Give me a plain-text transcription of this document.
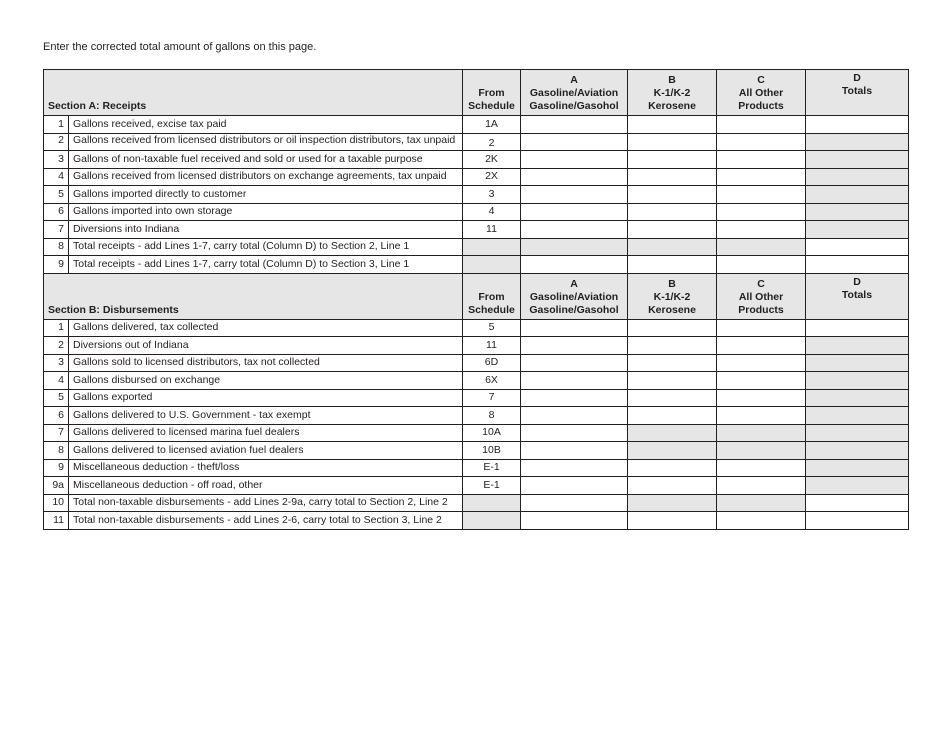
Enter the corrected total amount of gallons on this page.
Section A: Receipts		From
Schedule	A
Gasoline/Aviation
Gasoline/Gasohol	B
K-1/K-2
Kerosene	C
All Other
Products	D
Totals
1	Gallons received, excise tax paid	1A				
2	Gallons received from licensed distributors or oil inspection distributors, tax unpaid	2				
3	Gallons of non-taxable fuel received and sold or used for a taxable purpose	2K				
4	Gallons received from licensed distributors on exchange agreements, tax unpaid	2X				
5	Gallons imported directly to customer	3				
6	Gallons imported into own storage	4				
7	Diversions into Indiana	11				
8	Total receipts - add Lines 1-7, carry total (Column D) to Section 2, Line 1					
9	Total receipts - add Lines 1-7, carry total (Column D) to Section 3, Line 1					
Section B: Disbursements		From
Schedule	A
Gasoline/Aviation
Gasoline/Gasohol	B
K-1/K-2
Kerosene	C
All Other
Products	D
Totals
1	Gallons delivered, tax collected	5				
2	Diversions out of Indiana	11				
3	Gallons sold to licensed distributors, tax not collected	6D				
4	Gallons disbursed on exchange	6X				
5	Gallons exported	7				
6	Gallons delivered to U.S. Government - tax exempt	8				
7	Gallons delivered to licensed marina fuel dealers	10A				
8	Gallons delivered to licensed aviation fuel dealers	10B				
9	Miscellaneous deduction - theft/loss	E-1				
9a	Miscellaneous deduction - off road, other	E-1				
10	Total non-taxable disbursements - add Lines 2-9a, carry total to Section 2, Line 2					
11	Total non-taxable disbursements - add Lines 2-6, carry total to Section 3, Line 2					
